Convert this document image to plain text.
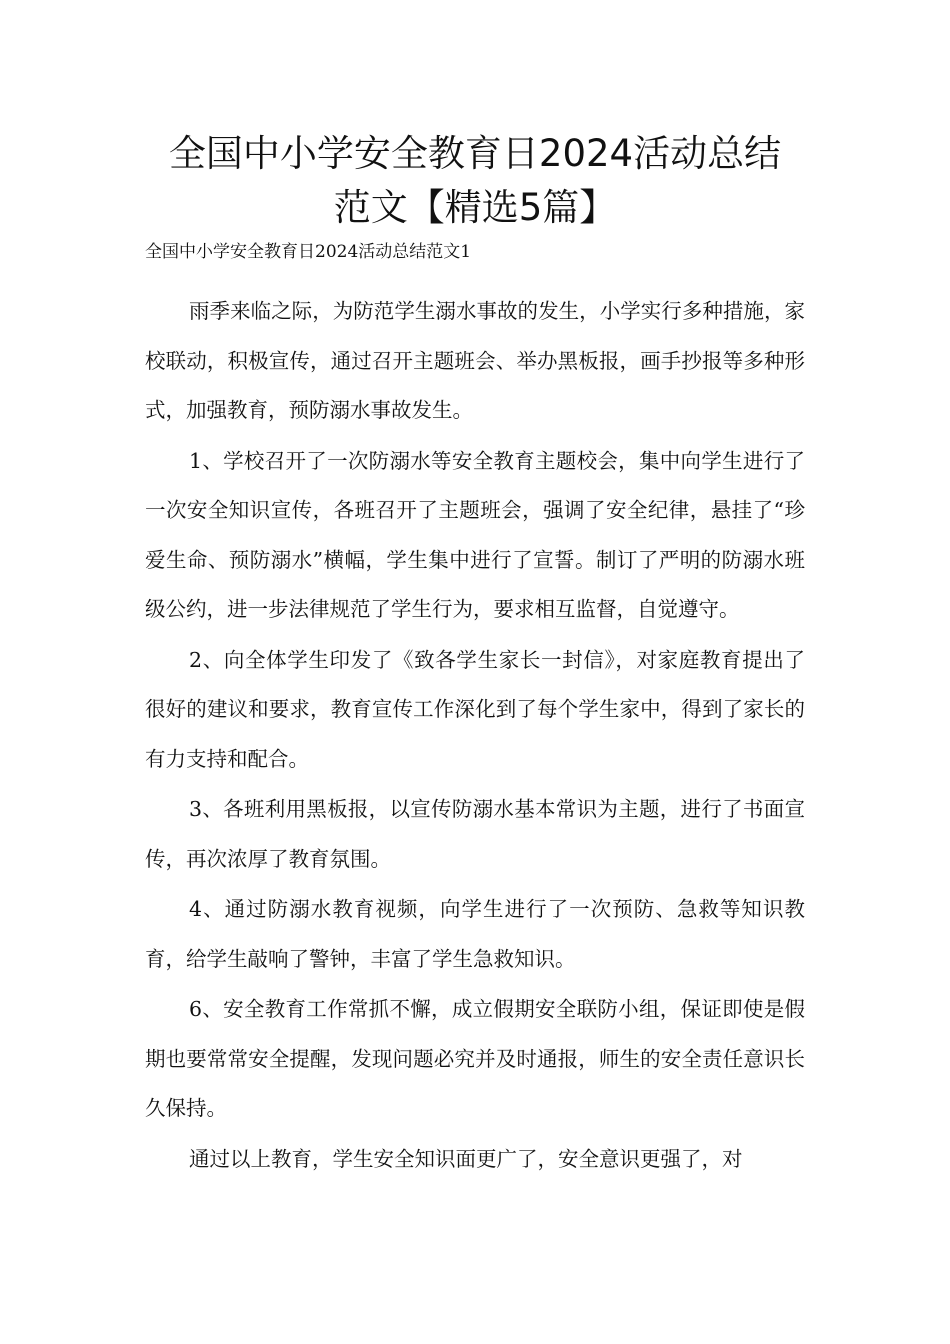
全国中小学安全教育日2024活动总结
范文【精选5篇】
全国中小学安全教育日2024活动总结范文1

雨季来临之际，为防范学生溺水事故的发生，小学实行多种措施，家校联动，积极宣传，通过召开主题班会、举办黑板报，画手抄报等多种形式，加强教育，预防溺水事故发生。

1、学校召开了一次防溺水等安全教育主题校会，集中向学生进行了一次安全知识宣传，各班召开了主题班会，强调了安全纪律，悬挂了“珍爱生命、预防溺水”横幅，学生集中进行了宣誓。制订了严明的防溺水班级公约，进一步法律规范了学生行为，要求相互监督，自觉遵守。

2、向全体学生印发了《致各学生家长一封信》，对家庭教育提出了很好的建议和要求，教育宣传工作深化到了每个学生家中，得到了家长的有力支持和配合。

3、各班利用黑板报，以宣传防溺水基本常识为主题，进行了书面宣传，再次浓厚了教育氛围。

4、通过防溺水教育视频，向学生进行了一次预防、急救等知识教育，给学生敲响了警钟，丰富了学生急救知识。

6、安全教育工作常抓不懈，成立假期安全联防小组，保证即使是假期也要常常安全提醒，发现问题必究并及时通报，师生的安全责任意识长久保持。

通过以上教育，学生安全知识面更广了，安全意识更强了，对
